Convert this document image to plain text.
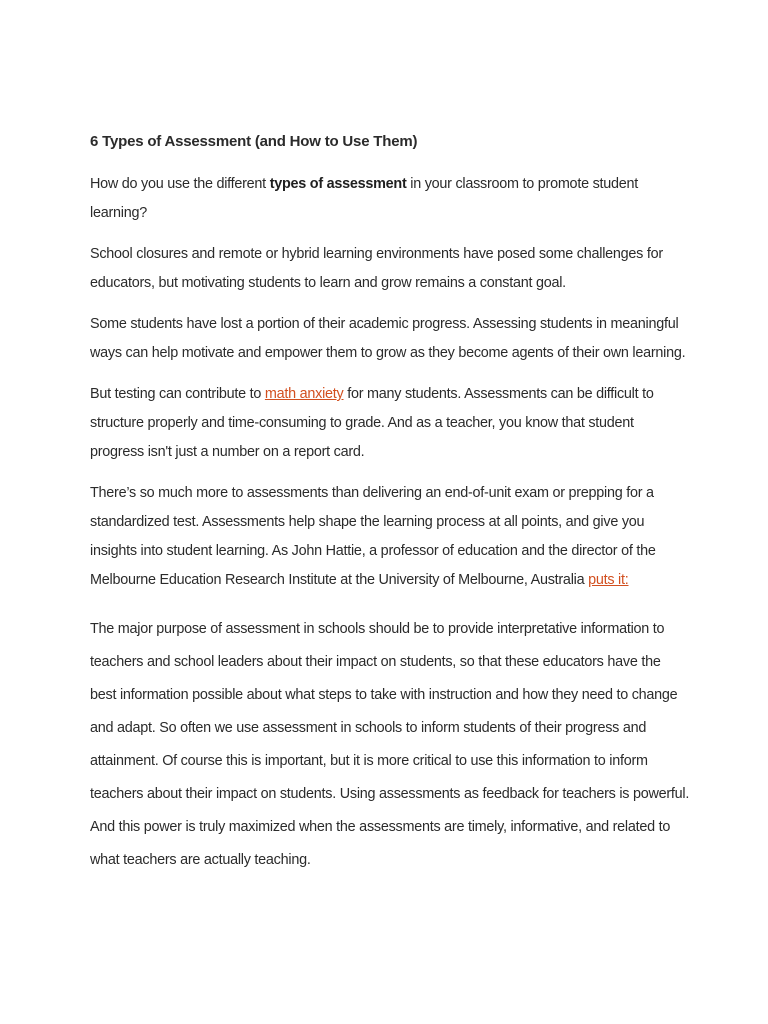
6 Types of Assessment (and How to Use Them)

How do you use the different types of assessment in your classroom to promote student learning?

School closures and remote or hybrid learning environments have posed some challenges for educators, but motivating students to learn and grow remains a constant goal.

Some students have lost a portion of their academic progress. Assessing students in meaningful ways can help motivate and empower them to grow as they become agents of their own learning.

But testing can contribute to math anxiety for many students. Assessments can be difficult to structure properly and time-consuming to grade. And as a teacher, you know that student progress isn't just a number on a report card.

There’s so much more to assessments than delivering an end-of-unit exam or prepping for a standardized test. Assessments help shape the learning process at all points, and give you insights into student learning. As John Hattie, a professor of education and the director of the Melbourne Education Research Institute at the University of Melbourne, Australia puts it:

The major purpose of assessment in schools should be to provide interpretative information to teachers and school leaders about their impact on students, so that these educators have the best information possible about what steps to take with instruction and how they need to change and adapt. So often we use assessment in schools to inform students of their progress and attainment. Of course this is important, but it is more critical to use this information to inform teachers about their impact on students. Using assessments as feedback for teachers is powerful. And this power is truly maximized when the assessments are timely, informative, and related to what teachers are actually teaching.
